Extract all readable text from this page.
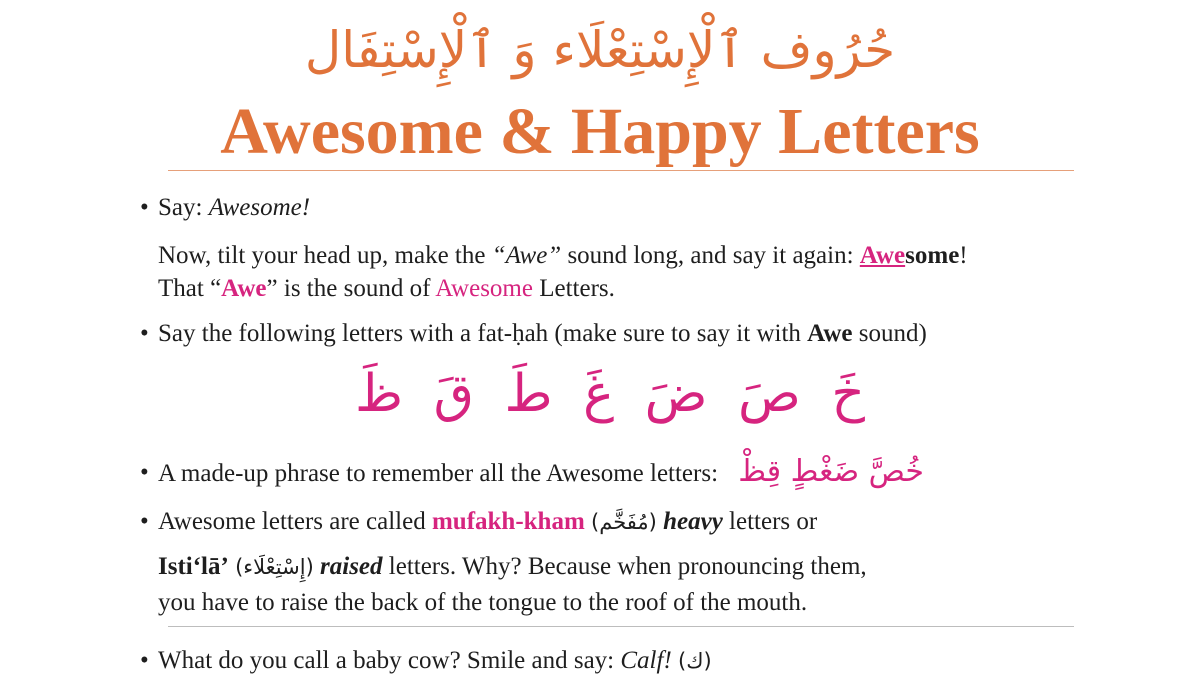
حُرُوف ٱلْإِسْتِعْلَاء وَ ٱلْإِسْتِفَال
Awesome & Happy Letters
• Say: Awesome!
Now, tilt your head up, make the “Awe” sound long, and say it again: Awesome!
That “Awe” is the sound of Awesome Letters.
• Say the following letters with a fat-ḥah (make sure to say it with Awe sound)
خَ
صَ
ضَ
غَ
طَ
قَ
ظَ
• A made-up phrase to remember all the Awesome letters: خُصَّ ضَغْطٍ قِظْ
• Awesome letters are called mufakh-kham (مُفَخَّم) heavy letters or
Isti‘lā’ (إِسْتِعْلَاء) raised letters. Why? Because when pronouncing them,
you have to raise the back of the tongue to the roof of the mouth.
• What do you call a baby cow? Smile and say: Calf! (ك)
